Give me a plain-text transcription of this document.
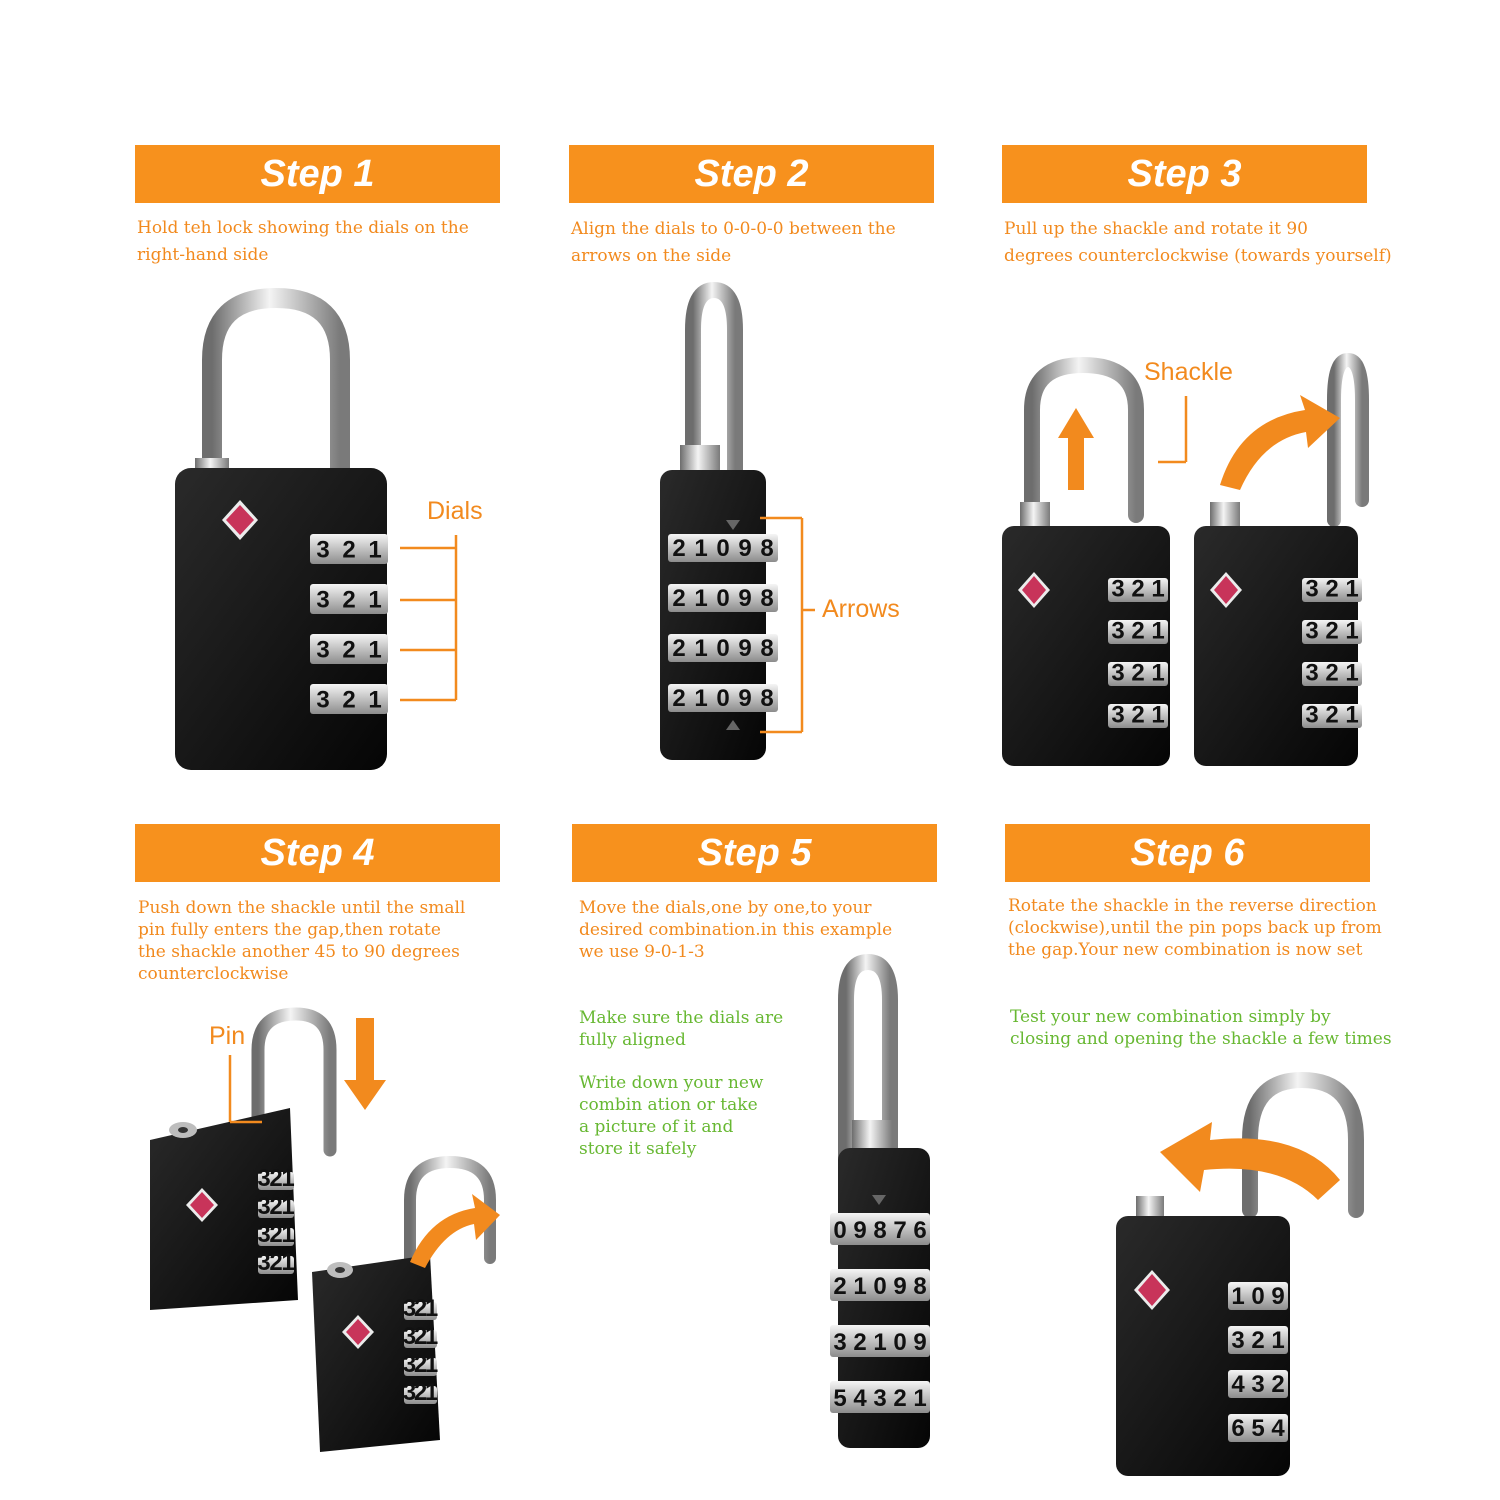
Step 1	Step 2	Step 3
Step 4	Step 5	Step 6
Hold teh lock showing the dials on the
right-hand side
Align the dials to 0-0-0-0 between the
arrows on the side
Pull up the shackle and rotate it 90
degrees counterclockwise (towards yourself)
Push down the shackle until the small
pin fully enters the gap,then rotate
the shackle another 45 to 90 degrees
counterclockwise
Move the dials,one by one,to your
desired combination.in this example
we use 9-0-1-3
Rotate the shackle in the reverse direction
(clockwise),until the pin pops back up from
the gap.Your new combination is now set
Make sure the dials are
fully aligned
Write down your new
combin ation or take
a picture of it and
store it safely
Test your new combination simply by
closing and opening the shackle a few times
Dials
Arrows
Shackle
Pin
3 2 1
3 2 1
3 2 1
3 2 1
2 1 0 9 8
2 1 0 9 8
2 1 0 9 8
2 1 0 9 8
3 2 1
3 2 1
3 2 1
3 2 1
3 2 1
3 2 1
3 2 1
3 2 1
3
2
1
3
2
1
3
2
1
3
2
1
3
2
1
3
2
1
3
2
1
3
2
1
0 9 8 7 6
2 1 0 9 8
3 2 1 0 9
5 4 3 2 1
1 0 9
3 2 1
4 3 2
6 5 4
